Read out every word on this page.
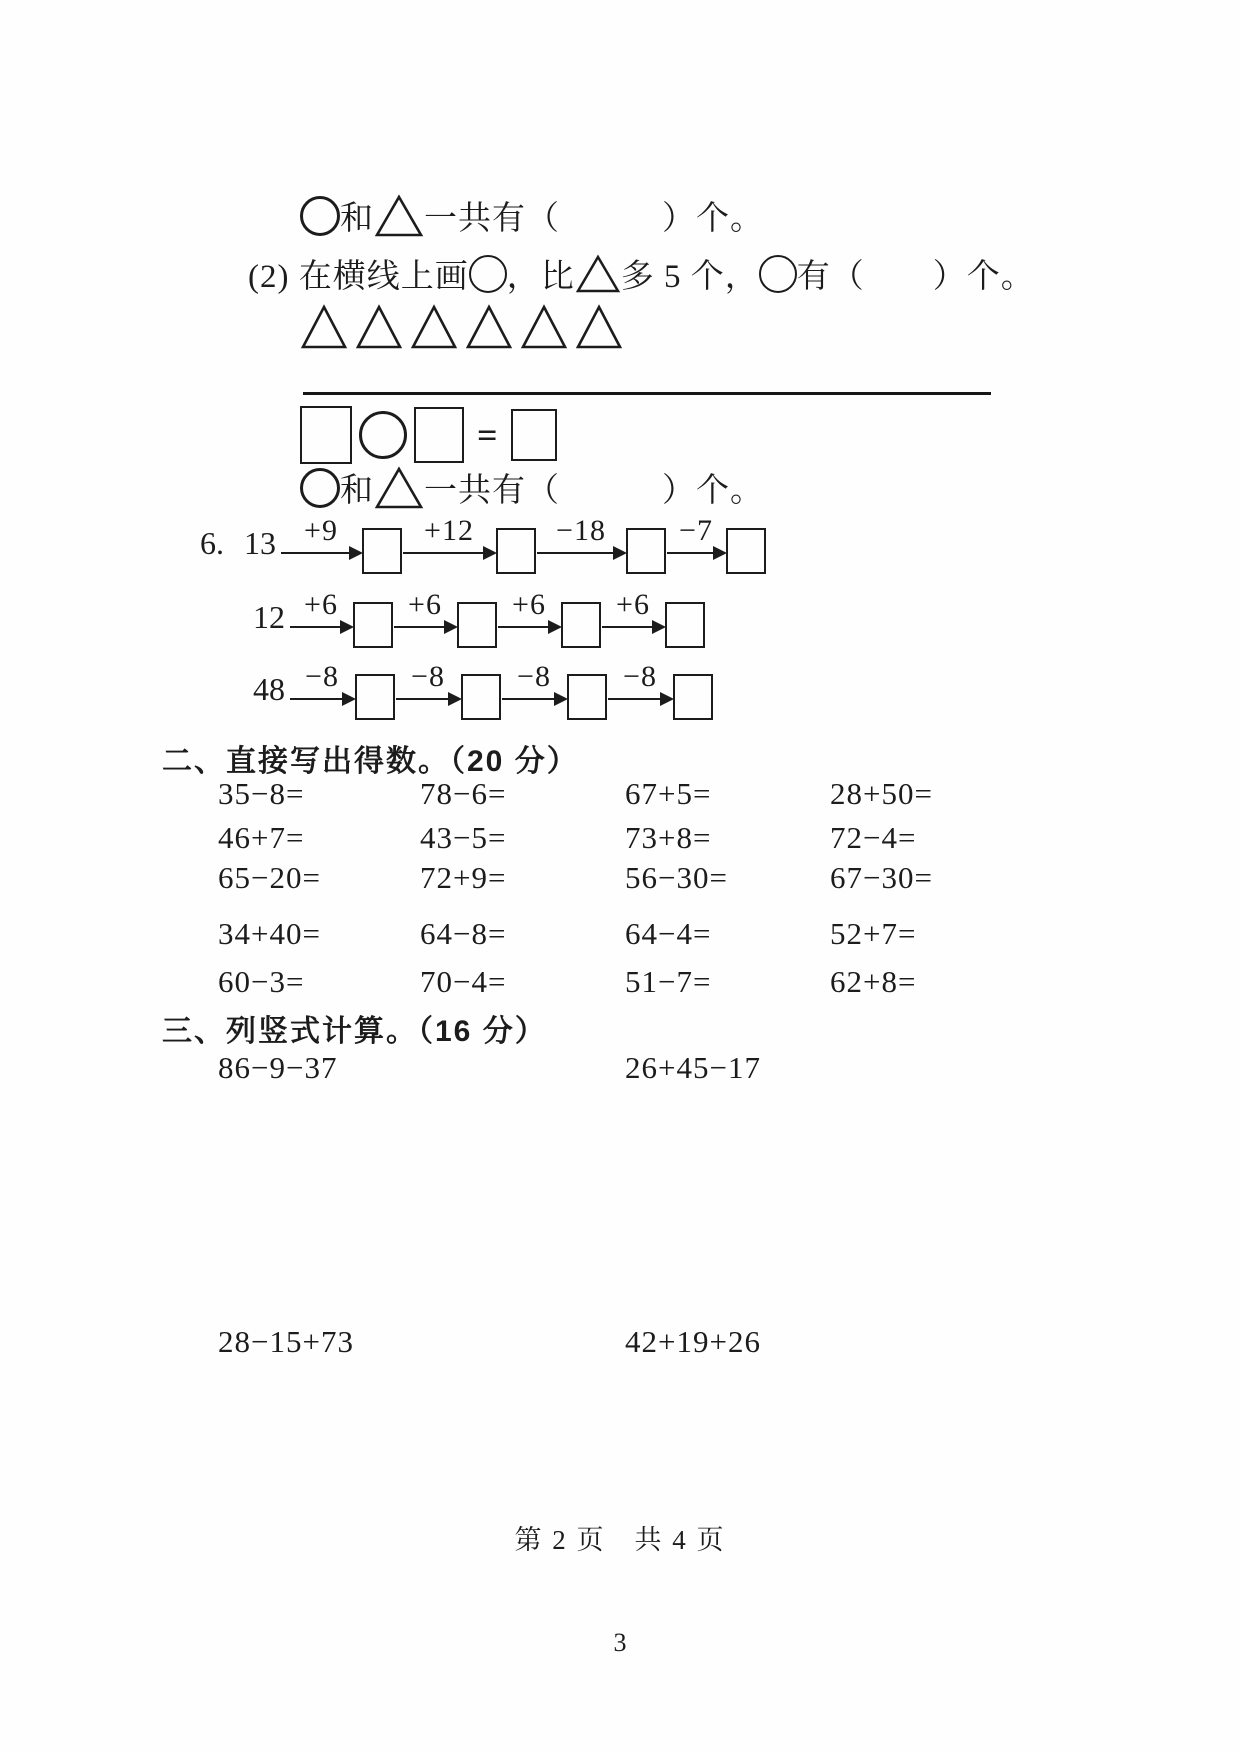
和 一共有（　　　）个。
(2) 在横线上画 ，比 多 5 个， 有（　　）个。
=
和 一共有（　　　）个。
6. 13 +9	+12	−18 −7
12 +6 +6 +6 +6
48 −8 −8 −8 −8
二、直接写出得数。（20 分）
35−8=	78−6=	67+5=	28+50=
46+7=	43−5=	73+8=	72−4=
65−20=	72+9=	56−30=	67−30=
34+40=	64−8=	64−4=	52+7=
60−3=	70−4=	51−7=	62+8=
三、列竖式计算。（16 分）
86−9−37	26+45−17
28−15+73	42+19+26
第 2 页　共 4 页
3
